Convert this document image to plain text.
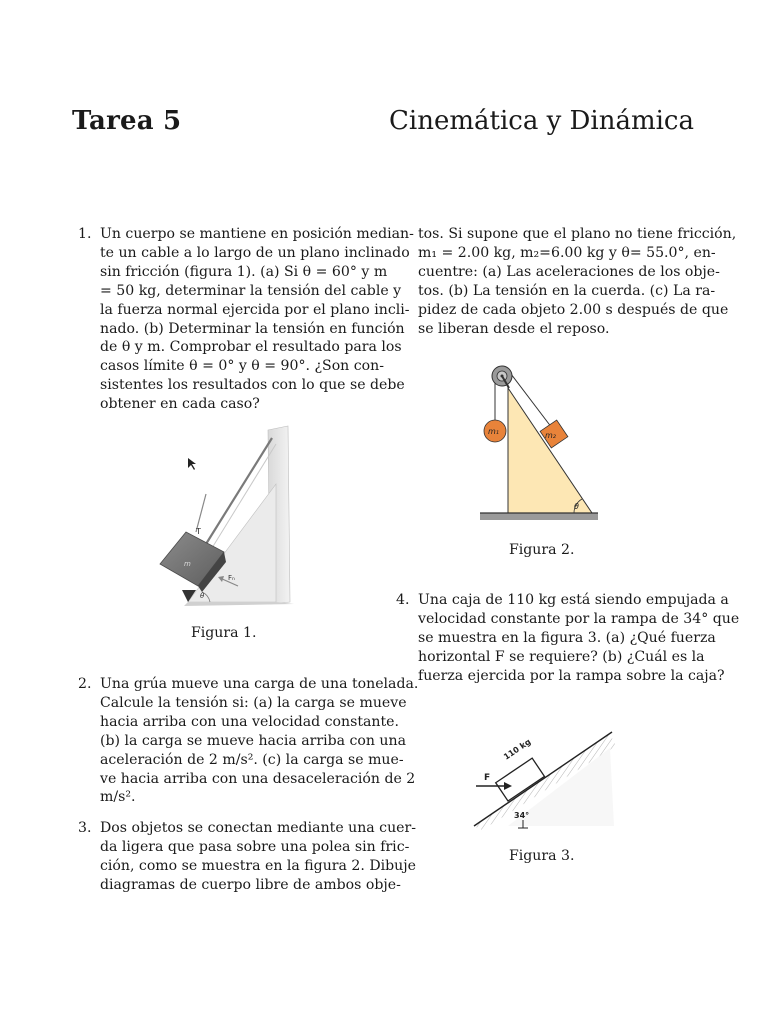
Tarea 5	Cinemática y Dinámica
1. Un cuerpo se mantiene en posición median-
te un cable a lo largo de un plano inclinado
sin fricción (figura 1). (a) Si θ = 60° y m
= 50 kg, determinar la tensión del cable y
la fuerza normal ejercida por el plano incli-
nado. (b) Determinar la tensión en función
de θ y m. Comprobar el resultado para los
casos límite θ = 0° y θ = 90°. ¿Son con-
sistentes los resultados con lo que se debe
obtener en cada caso?
T
m
Fₙ
θ
Figura 1.
2. Una grúa mueve una carga de una tonelada.
Calcule la tensión si: (a) la carga se mueve
hacia arriba con una velocidad constante.
(b) la carga se mueve hacia arriba con una
aceleración de 2 m/s². (c) la carga se mue-
ve hacia arriba con una desaceleración de 2
m/s².
3. Dos objetos se conectan mediante una cuer-
da ligera que pasa sobre una polea sin fric-
ción, como se muestra en la figura 2. Dibuje
diagramas de cuerpo libre de ambos obje-
tos. Si supone que el plano no tiene fricción,
m₁ = 2.00 kg, m₂=6.00 kg y θ= 55.0°, en-
cuentre: (a) Las aceleraciones de los obje-
tos. (b) La tensión en la cuerda. (c) La ra-
pidez de cada objeto 2.00 s después de que
se liberan desde el reposo.
m₁	m₂
θ
Figura 2.
4. Una caja de 110 kg está siendo empujada a
velocidad constante por la rampa de 34° que
se muestra en la figura 3. (a) ¿Qué fuerza
horizontal F se requiere? (b) ¿Cuál es la
fuerza ejercida por la rampa sobre la caja?
110 kg
F
34°
Figura 3.
